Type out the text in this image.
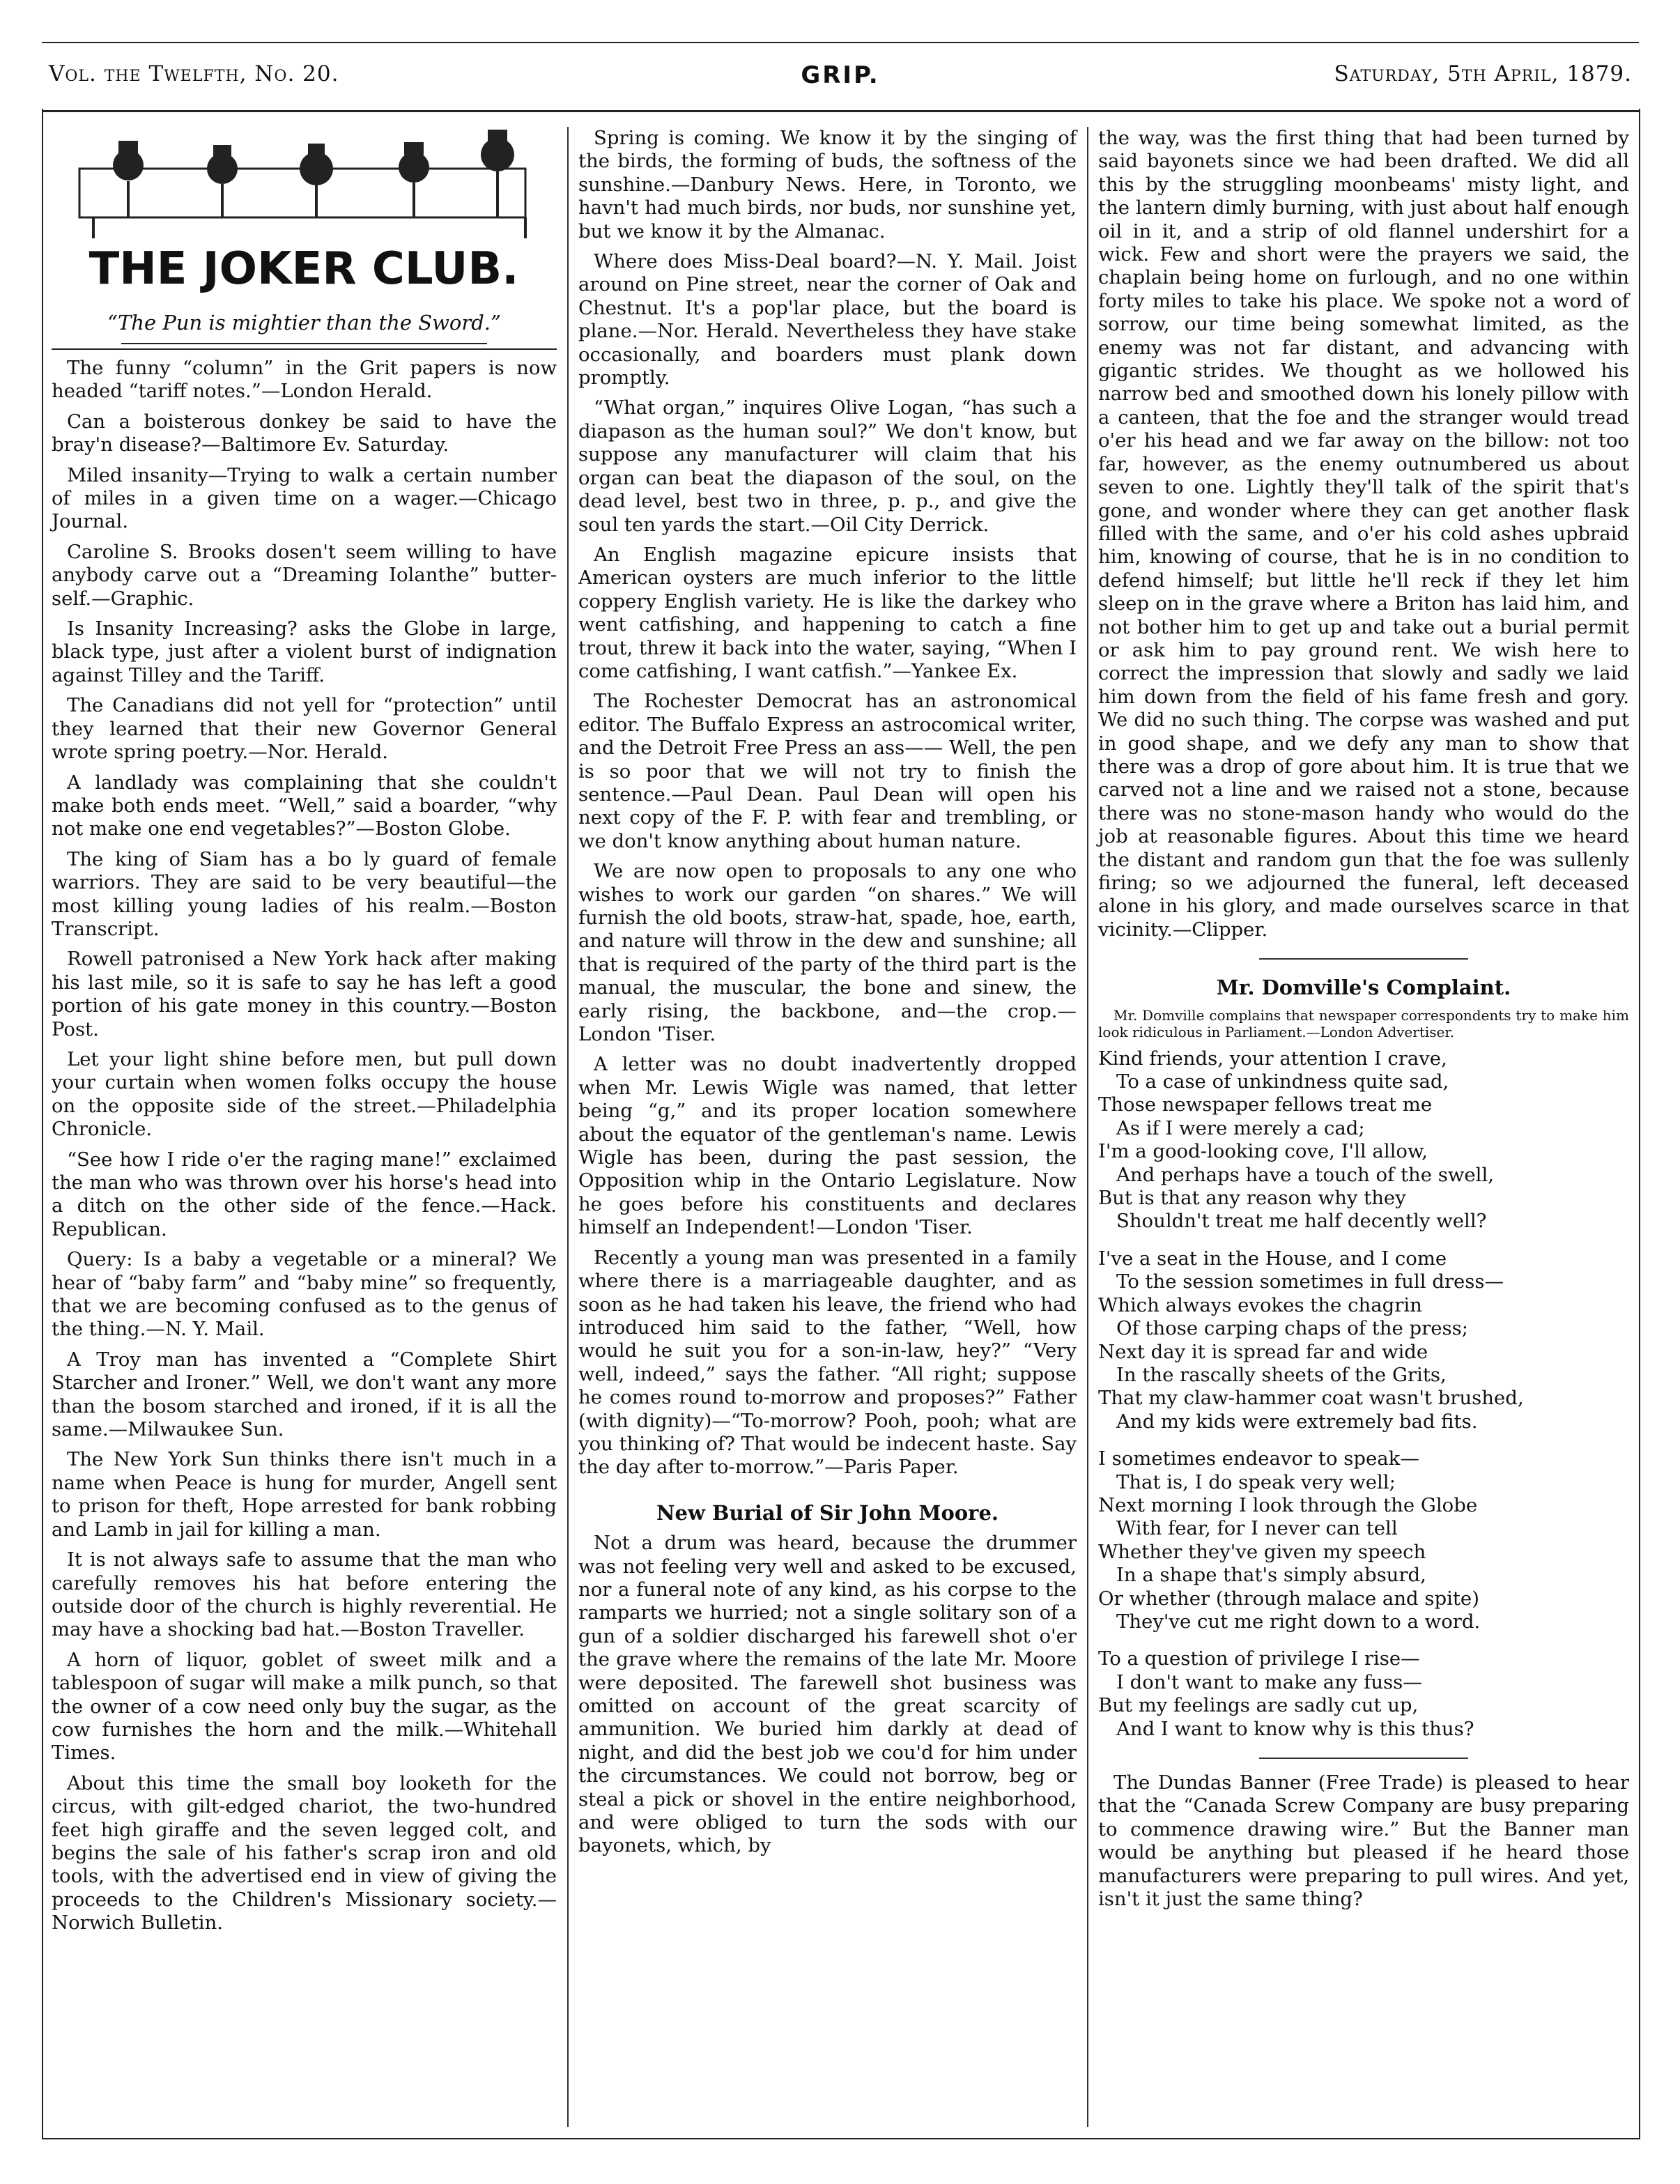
Vol. the Twelfth, No. 20.	GRIP.	Saturday, 5th April, 1879.
THE JOKER CLUB.
“The Pun is mightier than the Sword.”

The funny “column” in the Grit papers is now headed “tariff notes.”—London Herald.

Can a boisterous donkey be said to have the bray'n disease?—Baltimore Ev. Saturday.

Miled insanity—Trying to walk a certain number of miles in a given time on a wager.—Chicago Journal.

Caroline S. Brooks dosen't seem willing to have anybody carve out a “Dreaming Iolanthe” butter-self.—Graphic.

Is Insanity Increasing? asks the Globe in large, black type, just after a violent burst of indignation against Tilley and the Tariff.

The Canadians did not yell for “protection” until they learned that their new Governor General wrote spring poetry.—Nor. Herald.

A landlady was complaining that she couldn't make both ends meet. “Well,” said a boarder, “why not make one end vegetables?”—Boston Globe.

The king of Siam has a bo ly guard of female warriors. They are said to be very beautiful—the most killing young ladies of his realm.—Boston Transcript.

Rowell patronised a New York hack after making his last mile, so it is safe to say he has left a good portion of his gate money in this country.—Boston Post.

Let your light shine before men, but pull down your curtain when women folks occupy the house on the opposite side of the street.—Philadelphia Chronicle.

“See how I ride o'er the raging mane!” exclaimed the man who was thrown over his horse's head into a ditch on the other side of the fence.—Hack. Republican.

Query: Is a baby a vegetable or a mineral? We hear of “baby farm” and “baby mine” so frequently, that we are becoming confused as to the genus of the thing.—N. Y. Mail.

A Troy man has invented a “Complete Shirt Starcher and Ironer.” Well, we don't want any more than the bosom starched and ironed, if it is all the same.—Milwaukee Sun.

The New York Sun thinks there isn't much in a name when Peace is hung for murder, Angell sent to prison for theft, Hope arrested for bank robbing and Lamb in jail for killing a man.

It is not always safe to assume that the man who carefully removes his hat before entering the outside door of the church is highly reverential. He may have a shocking bad hat.—Boston Traveller.

A horn of liquor, goblet of sweet milk and a tablespoon of sugar will make a milk punch, so that the owner of a cow need only buy the sugar, as the cow furnishes the horn and the milk.—Whitehall Times.

About this time the small boy looketh for the circus, with gilt-edged chariot, the two-hundred feet high giraffe and the seven legged colt, and begins the sale of his father's scrap iron and old tools, with the advertised end in view of giving the proceeds to the Children's Missionary society.—Norwich Bulletin.

Spring is coming. We know it by the singing of the birds, the forming of buds, the softness of the sunshine.—Danbury News. Here, in Toronto, we havn't had much birds, nor buds, nor sunshine yet, but we know it by the Almanac.

Where does Miss-Deal board?—N. Y. Mail. Joist around on Pine street, near the corner of Oak and Chestnut. It's a pop'lar place, but the board is plane.—Nor. Herald. Nevertheless they have stake occasionally, and boarders must plank down promptly.

“What organ,” inquires Olive Logan, “has such a diapason as the human soul?” We don't know, but suppose any manufacturer will claim that his organ can beat the diapason of the soul, on the dead level, best two in three, p. p., and give the soul ten yards the start.—Oil City Derrick.

An English magazine epicure insists that American oysters are much inferior to the little coppery English variety. He is like the darkey who went catfishing, and happening to catch a fine trout, threw it back into the water, saying, “When I come catfishing, I want catfish.”—Yankee Ex.

The Rochester Democrat has an astronomical editor. The Buffalo Express an astrocomical writer, and the Detroit Free Press an ass—— Well, the pen is so poor that we will not try to finish the sentence.—Paul Dean. Paul Dean will open his next copy of the F. P. with fear and trembling, or we don't know anything about human nature.

We are now open to proposals to any one who wishes to work our garden “on shares.” We will furnish the old boots, straw-hat, spade, hoe, earth, and nature will throw in the dew and sunshine; all that is required of the party of the third part is the manual, the muscular, the bone and sinew, the early rising, the backbone, and—the crop.—London 'Tiser.

A letter was no doubt inadvertently dropped when Mr. Lewis Wigle was named, that letter being “g,” and its proper location somewhere about the equator of the gentleman's name. Lewis Wigle has been, during the past session, the Opposition whip in the Ontario Legislature. Now he goes before his constituents and declares himself an Independent!—London 'Tiser.

Recently a young man was presented in a family where there is a marriageable daughter, and as soon as he had taken his leave, the friend who had introduced him said to the father, “Well, how would he suit you for a son-in-law, hey?” “Very well, indeed,” says the father. “All right; suppose he comes round to-morrow and proposes?” Father (with dignity)—“To-morrow? Pooh, pooh; what are you thinking of? That would be indecent haste. Say the day after to-morrow.”—Paris Paper.

New Burial of Sir John Moore.

Not a drum was heard, because the drummer was not feeling very well and asked to be excused, nor a funeral note of any kind, as his corpse to the ramparts we hurried; not a single solitary son of a gun of a soldier discharged his farewell shot o'er the grave where the remains of the late Mr. Moore were deposited. The farewell shot business was omitted on account of the great scarcity of ammunition. We buried him darkly at dead of night, and did the best job we cou'd for him under the circumstances. We could not borrow, beg or steal a pick or shovel in the entire neighborhood, and were obliged to turn the sods with our bayonets, which, by

the way, was the first thing that had been turned by said bayonets since we had been drafted. We did all this by the struggling moonbeams' misty light, and the lantern dimly burning, with just about half enough oil in it, and a strip of old flannel undershirt for a wick. Few and short were the prayers we said, the chaplain being home on furlough, and no one within forty miles to take his place. We spoke not a word of sorrow, our time being somewhat limited, as the enemy was not far distant, and advancing with gigantic strides. We thought as we hollowed his narrow bed and smoothed down his lonely pillow with a canteen, that the foe and the stranger would tread o'er his head and we far away on the billow: not too far, however, as the enemy outnumbered us about seven to one. Lightly they'll talk of the spirit that's gone, and wonder where they can get another flask filled with the same, and o'er his cold ashes upbraid him, knowing of course, that he is in no condition to defend himself; but little he'll reck if they let him sleep on in the grave where a Briton has laid him, and not bother him to get up and take out a burial permit or ask him to pay ground rent. We wish here to correct the impression that slowly and sadly we laid him down from the field of his fame fresh and gory. We did no such thing. The corpse was washed and put in good shape, and we defy any man to show that there was a drop of gore about him. It is true that we carved not a line and we raised not a stone, because there was no stone-mason handy who would do the job at reasonable figures. About this time we heard the distant and random gun that the foe was sullenly firing; so we adjourned the funeral, left deceased alone in his glory, and made ourselves scarce in that vicinity.—Clipper.

Mr. Domville's Complaint.

Mr. Domville complains that newspaper correspondents try to make him look ridiculous in Parliament.—London Advertiser.

Kind friends, your attention I crave,
To a case of unkindness quite sad,
Those newspaper fellows treat me
As if I were merely a cad;
I'm a good-looking cove, I'll allow,
And perhaps have a touch of the swell,
But is that any reason why they
Shouldn't treat me half decently well?
I've a seat in the House, and I come
To the session sometimes in full dress—
Which always evokes the chagrin
Of those carping chaps of the press;
Next day it is spread far and wide
In the rascally sheets of the Grits,
That my claw-hammer coat wasn't brushed,
And my kids were extremely bad fits.
I sometimes endeavor to speak—
That is, I do speak very well;
Next morning I look through the Globe
With fear, for I never can tell
Whether they've given my speech
In a shape that's simply absurd,
Or whether (through malace and spite)
They've cut me right down to a word.
To a question of privilege I rise—
I don't want to make any fuss—
But my feelings are sadly cut up,
And I want to know why is this thus?

The Dundas Banner (Free Trade) is pleased to hear that the “Canada Screw Company are busy preparing to commence drawing wire.” But the Banner man would be anything but pleased if he heard those manufacturers were preparing to pull wires. And yet, isn't it just the same thing?
